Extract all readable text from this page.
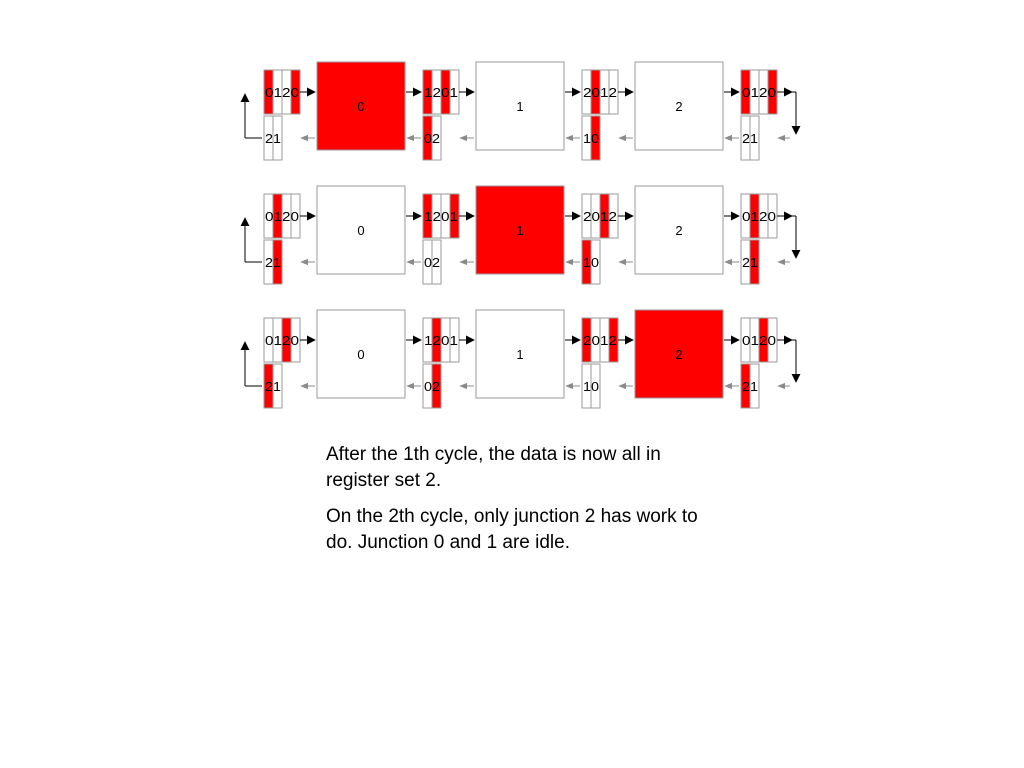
0	1	2
0120	1201	2012	0120
21	02	10	21
0	1	2
0120	1201	2012	0120
21	02	10	21
0	1	2
0120	1201	2012	0120
21	02	10	21

After the 1th cycle, the data is now all in register set 2.

On the 2th cycle, only junction 2 has work to do. Junction 0 and 1 are idle.
